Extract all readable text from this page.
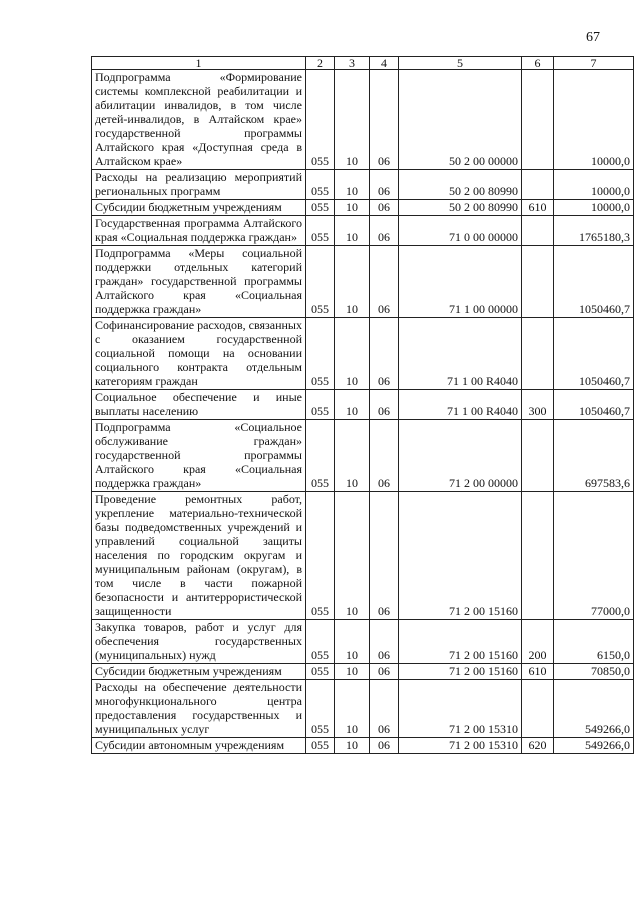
67
1	2	3	4	5	6	7
Подпрограмма «Формирование системы комплексной реабилитации и абилитации инвалидов, в том числе детей-инвалидов, в Алтайском крае» государственной программы Алтайского края «Доступная среда в Алтайском крае»	055	10	06	50 2 00 00000		10000,0
Расходы на реализацию мероприятий региональных программ	055	10	06	50 2 00 80990		10000,0
Субсидии бюджетным учреждениям	055	10	06	50 2 00 80990	610	10000,0
Государственная программа Алтайского края «Социальная поддержка граждан»	055	10	06	71 0 00 00000		1765180,3
Подпрограмма «Меры социальной поддержки отдельных категорий граждан» государственной программы Алтайского края «Социальная поддержка граждан»	055	10	06	71 1 00 00000		1050460,7
Софинансирование расходов, связанных с оказанием государственной социальной помощи на основании социального контракта отдельным категориям граждан	055	10	06	71 1 00 R4040		1050460,7
Социальное обеспечение и иные выплаты населению	055	10	06	71 1 00 R4040	300	1050460,7
Подпрограмма «Социальное обслуживание граждан» государственной программы Алтайского края «Социальная поддержка граждан»	055	10	06	71 2 00 00000		697583,6
Проведение ремонтных работ, укрепление материально-технической базы подведомственных учреждений и управлений социальной защиты населения по городским округам и муниципальным районам (округам), в том числе в части пожарной безопасности и антитеррористической защищенности	055	10	06	71 2 00 15160		77000,0
Закупка товаров, работ и услуг для обеспечения государственных (муниципальных) нужд	055	10	06	71 2 00 15160	200	6150,0
Субсидии бюджетным учреждениям	055	10	06	71 2 00 15160	610	70850,0
Расходы на обеспечение деятельности многофункционального центра предоставления государственных и муниципальных услуг	055	10	06	71 2 00 15310		549266,0
Субсидии автономным учреждениям	055	10	06	71 2 00 15310	620	549266,0
